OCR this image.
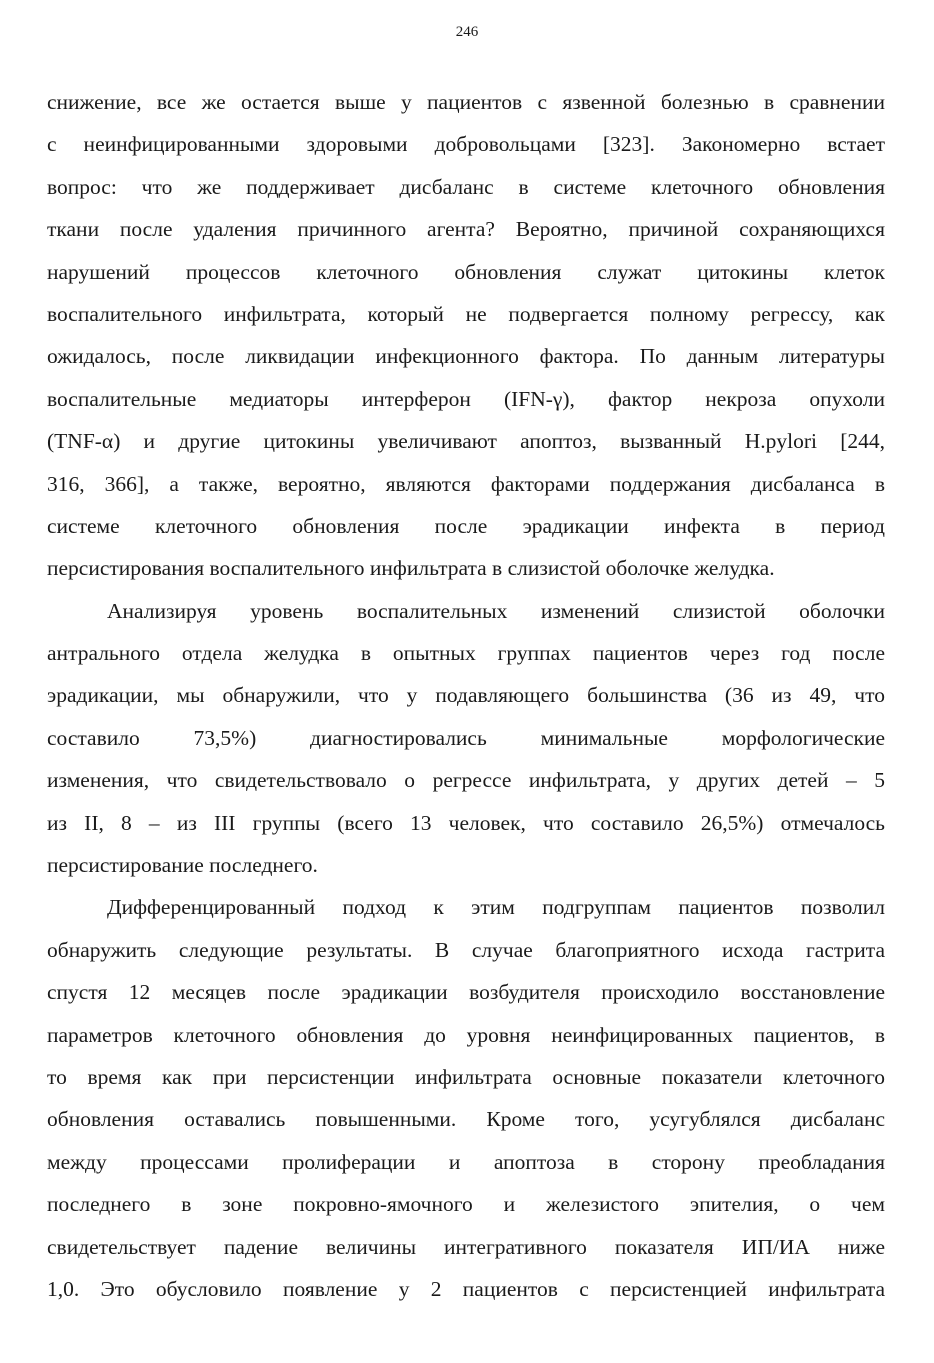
246
снижение, все же остается выше у пациентов с язвенной болезнью в сравнении
с неинфицированными здоровыми добровольцами [323]. Закономерно встает
вопрос: что же поддерживает дисбаланс в системе клеточного обновления
ткани после удаления причинного агента? Вероятно, причиной сохраняющихся
нарушений процессов клеточного обновления служат цитокины клеток
воспалительного инфильтрата, который не подвергается полному регрессу, как
ожидалось, после ликвидации инфекционного фактора. По данным литературы
воспалительные медиаторы интерферон (IFN-γ), фактор некроза опухоли
(TNF-α) и другие цитокины увеличивают апоптоз, вызванный H.pylori [244,
316, 366], а также, вероятно, являются факторами поддержания дисбаланса в
системе клеточного обновления после эрадикации инфекта в период
персистирования воспалительного инфильтрата в слизистой оболочке желудка.
Анализируя уровень воспалительных изменений слизистой оболочки
антрального отдела желудка в опытных группах пациентов через год после
эрадикации, мы обнаружили, что у подавляющего большинства (36 из 49, что
составило 73,5%) диагностировались минимальные морфологические
изменения, что свидетельствовало о регрессе инфильтрата, у других детей – 5
из II, 8 – из III группы (всего 13 человек, что составило 26,5%) отмечалось
персистирование последнего.
Дифференцированный подход к этим подгруппам пациентов позволил
обнаружить следующие результаты. В случае благоприятного исхода гастрита
спустя 12 месяцев после эрадикации возбудителя происходило восстановление
параметров клеточного обновления до уровня неинфицированных пациентов, в
то время как при персистенции инфильтрата основные показатели клеточного
обновления оставались повышенными. Кроме того, усугублялся дисбаланс
между процессами пролиферации и апоптоза в сторону преобладания
последнего в зоне покровно-ямочного и железистого эпителия, о чем
свидетельствует падение величины интегративного показателя ИП/ИА ниже
1,0. Это обусловило появление у 2 пациентов с персистенцией инфильтрата
